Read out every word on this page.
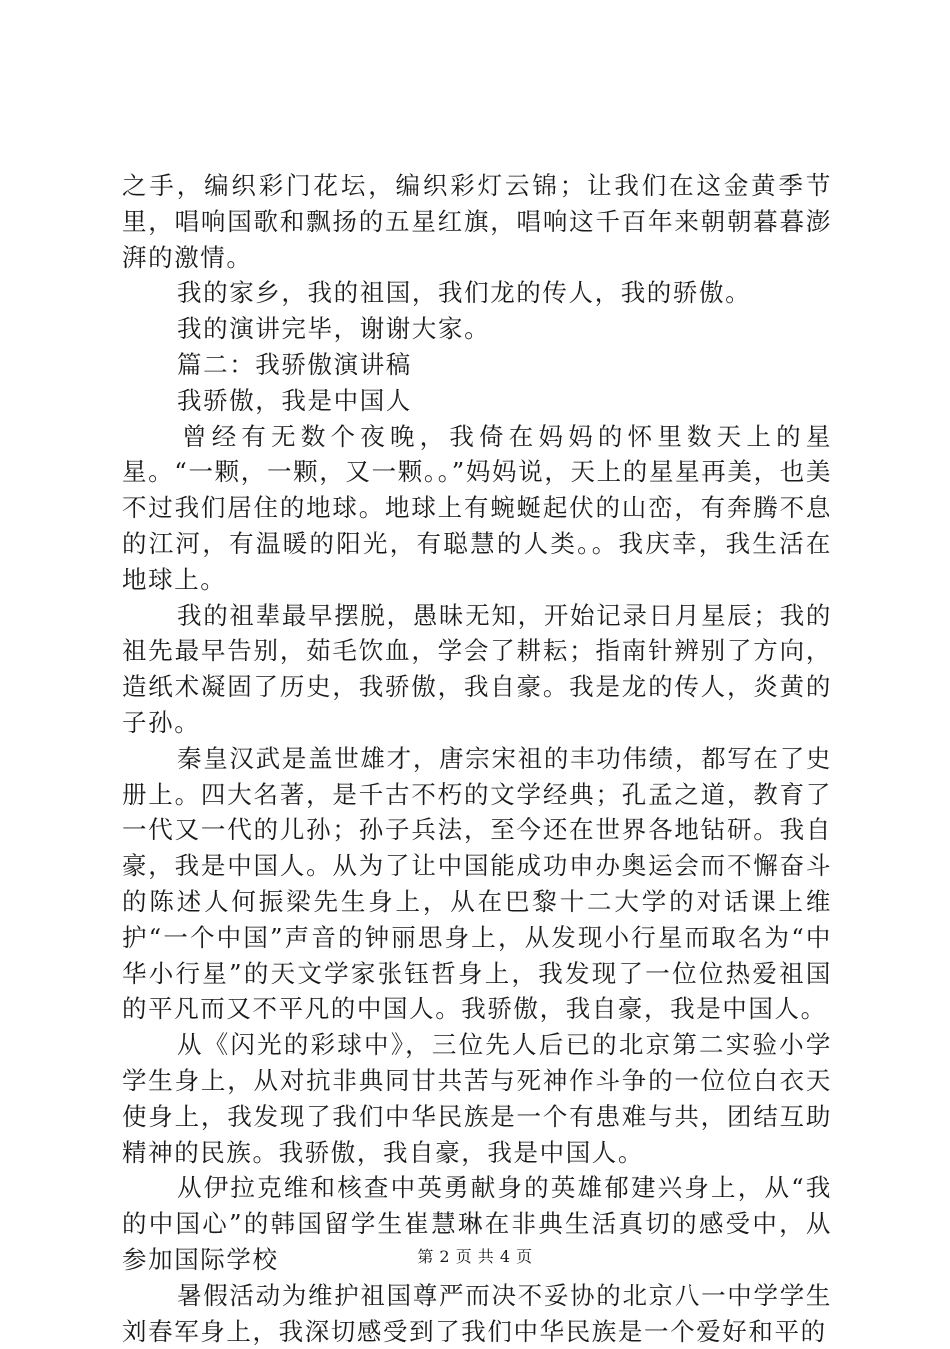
之手，编织彩门花坛，编织彩灯云锦；让我们在这金黄季节里，唱响国歌和飘扬的五星红旗，唱响这千百年来朝朝暮暮澎湃的激情。

我的家乡，我的祖国，我们龙的传人，我的骄傲。

我的演讲完毕，谢谢大家。

篇二：我骄傲演讲稿

我骄傲，我是中国人

曾经有无数个夜晚，我倚在妈妈的怀里数天上的星星。“一颗，一颗，又一颗。。”妈妈说，天上的星星再美，也美不过我们居住的地球。地球上有蜿蜒起伏的山峦，有奔腾不息的江河，有温暖的阳光，有聪慧的人类。。我庆幸，我生活在地球上。

我的祖辈最早摆脱，愚昧无知，开始记录日月星辰；我的祖先最早告别，茹毛饮血，学会了耕耘；指南针辨别了方向，造纸术凝固了历史，我骄傲，我自豪。我是龙的传人，炎黄的子孙。

秦皇汉武是盖世雄才，唐宗宋祖的丰功伟绩，都写在了史册上。四大名著，是千古不朽的文学经典；孔孟之道，教育了一代又一代的儿孙；孙子兵法，至今还在世界各地钻研。我自豪，我是中国人。从为了让中国能成功申办奥运会而不懈奋斗的陈述人何振梁先生身上，从在巴黎十二大学的对话课上维护“一个中国”声音的钟丽思身上，从发现小行星而取名为“中华小行星”的天文学家张钰哲身上，我发现了一位位热爱祖国的平凡而又不平凡的中国人。我骄傲，我自豪，我是中国人。

从《闪光的彩球中》，三位先人后已的北京第二实验小学学生身上，从对抗非典同甘共苦与死神作斗争的一位位白衣天使身上，我发现了我们中华民族是一个有患难与共，团结互助精神的民族。我骄傲，我自豪，我是中国人。

从伊拉克维和核查中英勇献身的英雄郁建兴身上，从“我的中国心”的韩国留学生崔慧琳在非典生活真切的感受中，从参加国际学校

暑假活动为维护祖国尊严而决不妥协的北京八一中学学生刘春军身上，我深切感受到了我们中华民族是一个爱好和平的

第 2 页 共 4 页
